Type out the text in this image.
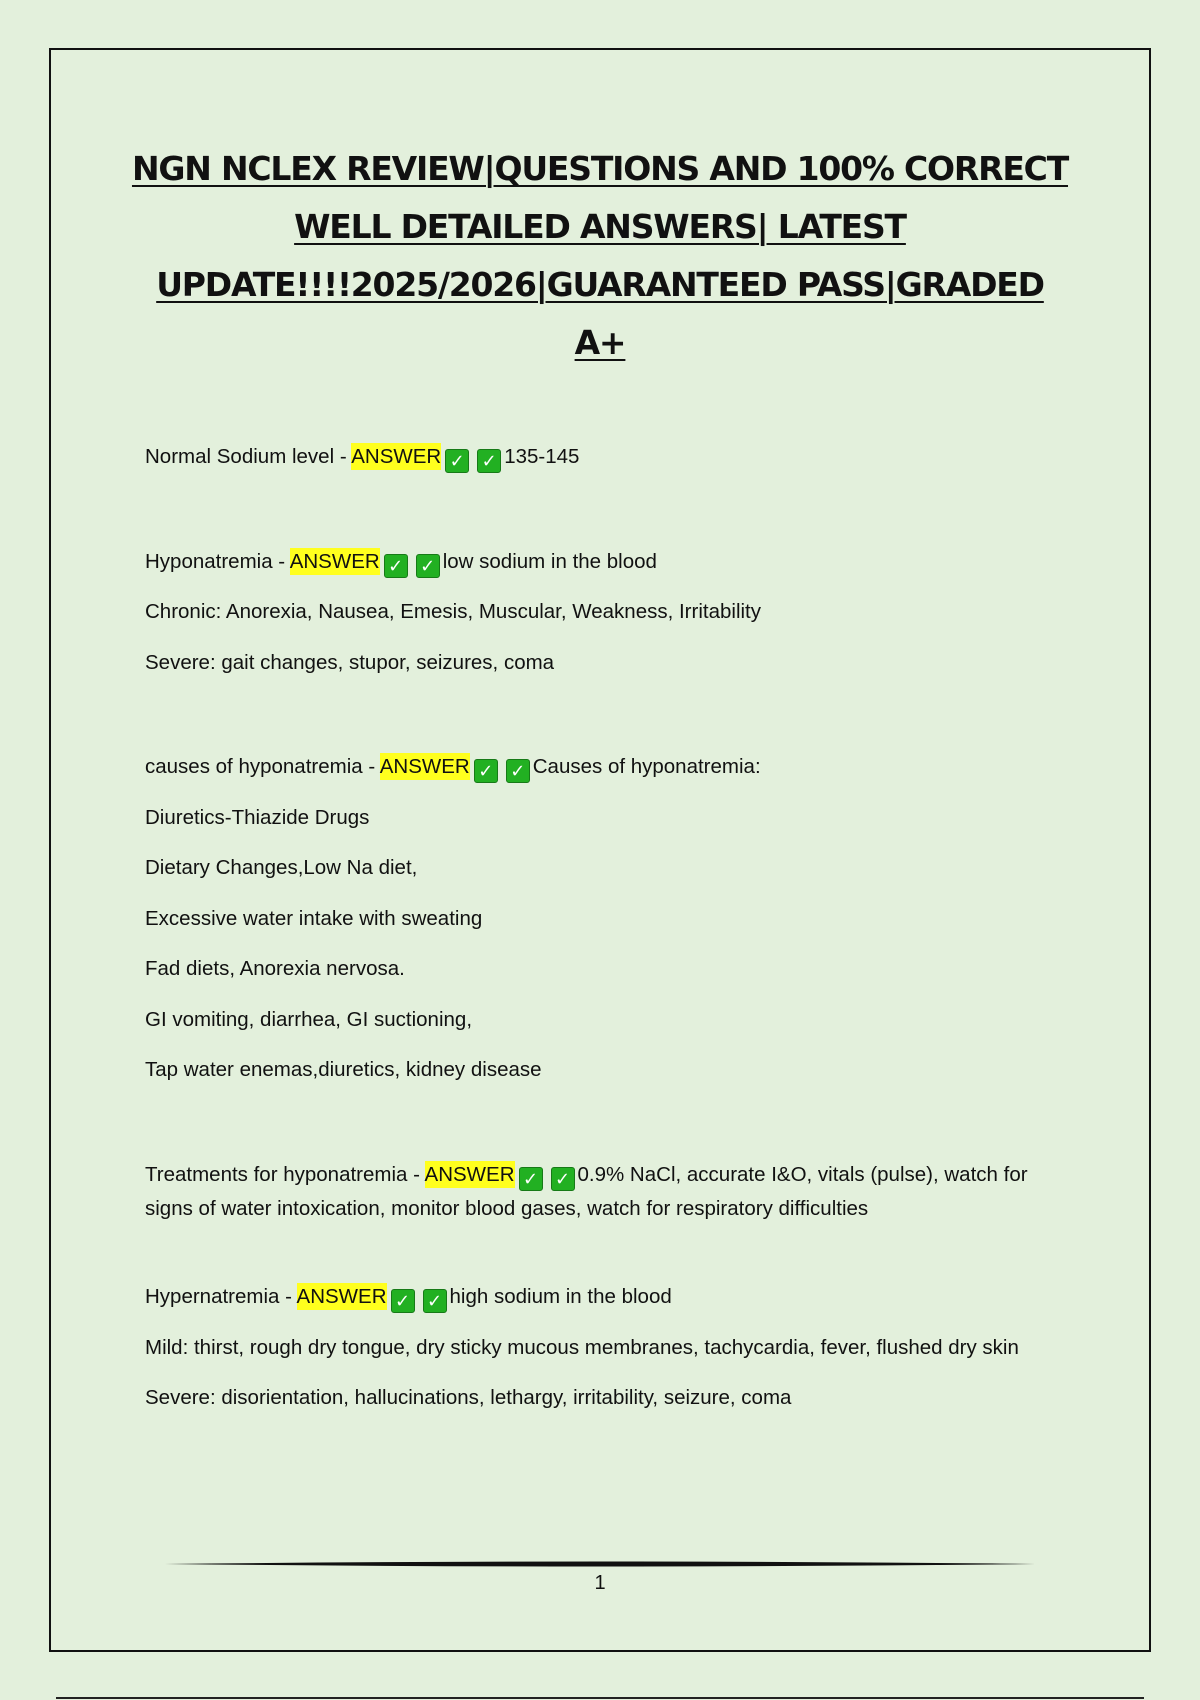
NGN NCLEX REVIEW|QUESTIONS AND 100% CORRECT
WELL DETAILED ANSWERS| LATEST
UPDATE!!!!2025/2026|GUARANTEED PASS|GRADED
A+

Normal Sodium level - ANSWER ✓ ✓ 135-145

Hyponatremia - ANSWER ✓ ✓ low sodium in the blood

Chronic: Anorexia, Nausea, Emesis, Muscular, Weakness, Irritability

Severe: gait changes, stupor, seizures, coma

causes of hyponatremia - ANSWER ✓ ✓ Causes of hyponatremia:

Diuretics-Thiazide Drugs

Dietary Changes,Low Na diet,

Excessive water intake with sweating

Fad diets, Anorexia nervosa.

GI vomiting, diarrhea, GI suctioning,

Tap water enemas,diuretics, kidney disease

Treatments for hyponatremia - ANSWER ✓ ✓ 0.9% NaCl, accurate I&O, vitals (pulse), watch for signs of water intoxication, monitor blood gases, watch for respiratory difficulties

Hypernatremia - ANSWER ✓ ✓ high sodium in the blood

Mild: thirst, rough dry tongue, dry sticky mucous membranes, tachycardia, fever, flushed dry skin

Severe: disorientation, hallucinations, lethargy, irritability, seizure, coma

1
